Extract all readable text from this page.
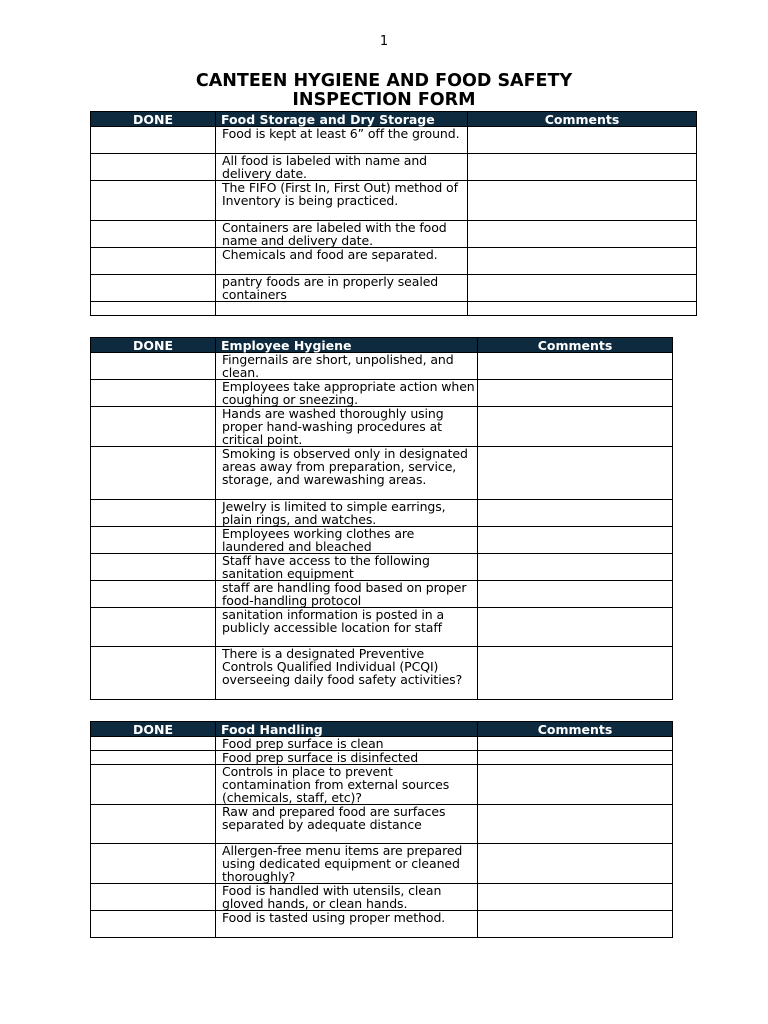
1
CANTEEN HYGIENE AND FOOD SAFETY
INSPECTION FORM
DONE	Food Storage and Dry Storage	Comments
	Food is kept at least 6” off the ground.	
	All food is labeled with name and delivery date.	
	The FIFO (First In, First Out) method of Inventory is being practiced.	
	Containers are labeled with the food name and delivery date.	
	Chemicals and food are separated.	
	pantry foods are in properly sealed containers	

DONE	Employee Hygiene	Comments
	Fingernails are short, unpolished, and clean.	
	Employees take appropriate action when coughing or sneezing.	
	Hands are washed thoroughly using proper hand-washing procedures at critical point.	
	Smoking is observed only in designated areas away from preparation, service, storage, and warewashing areas.	
	Jewelry is limited to simple earrings, plain rings, and watches.	
	Employees working clothes are laundered and bleached	
	Staff have access to the following sanitation equipment	
	staff are handling food based on proper food-handling protocol	
	sanitation information is posted in a publicly accessible location for staff	
	There is a designated Preventive Controls Qualified Individual (PCQI) overseeing daily food safety activities?	
DONE	Food Handling	Comments
	Food prep surface is clean	
	Food prep surface is disinfected	
	Controls in place to prevent contamination from external sources (chemicals, staff, etc)?	
	Raw and prepared food are surfaces separated by adequate distance	
	Allergen-free menu items are prepared using dedicated equipment or cleaned thoroughly?	
	Food is handled with utensils, clean gloved hands, or clean hands.	
	Food is tasted using proper method.	
